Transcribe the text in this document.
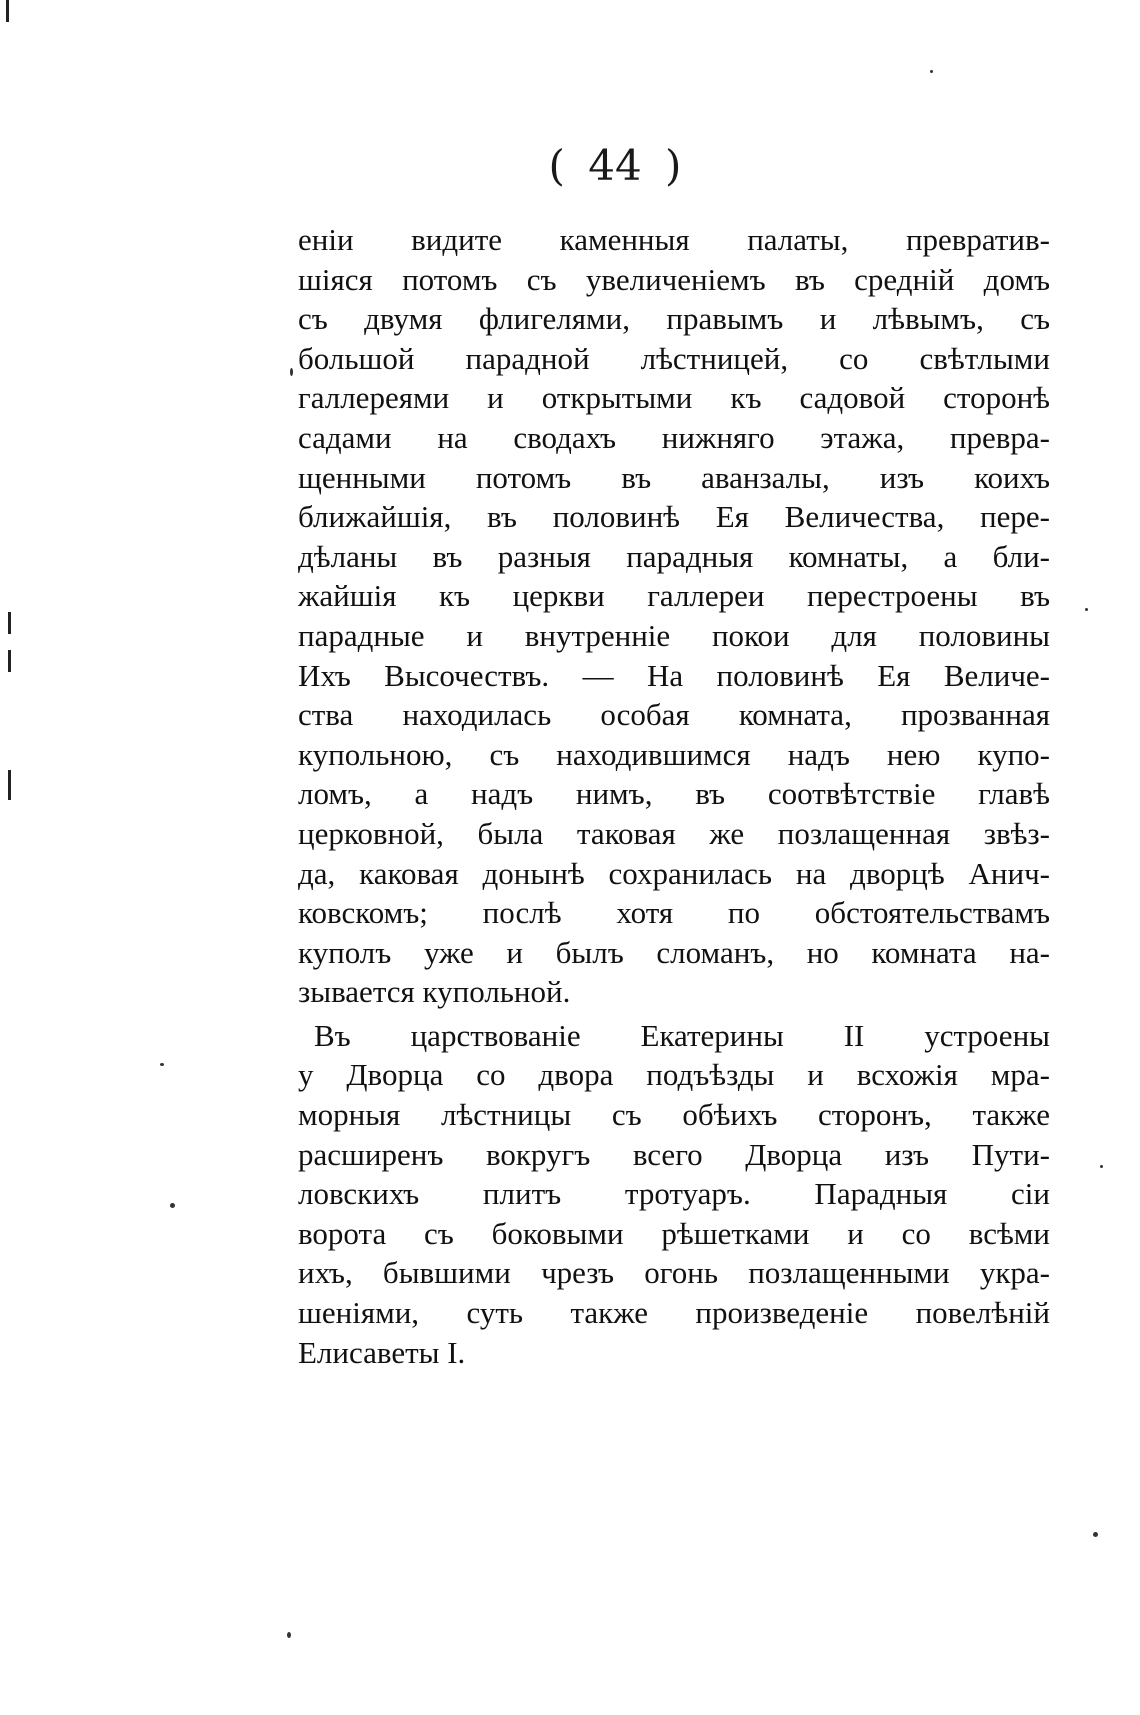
( 44 )
еніи видите каменныя палаты, превратив-
шіяся потомъ съ увеличеніемъ въ средній домъ
съ двумя флигелями, правымъ и лѣвымъ, съ
большой парадной лѣстницей, со свѣтлыми
галлереями и открытыми къ садовой сторонѣ
садами на сводахъ нижняго этажа, превра-
щенными потомъ въ аванзалы, изъ коихъ
ближайшія, въ половинѣ Ея Величества, пере-
дѣланы въ разныя парадныя комнаты, а бли-
жайшія къ церкви галлереи перестроены въ
парадные и внутренніе покои для половины
Ихъ Высочествъ. — На половинѣ Ея Величе-
ства находилась особая комната, прозванная
купольною, съ находившимся надъ нею купо-
ломъ, а надъ нимъ, въ соотвѣтствіе главѣ
церковной, была таковая же позлащенная звѣз-
да, каковая донынѣ сохранилась на дворцѣ Анич-
ковскомъ; послѣ хотя по обстоятельствамъ
куполъ уже и былъ сломанъ, но комната на-
зывается купольной.
Въ царствованіе Екатерины II устроены
у Дворца со двора подъѣзды и всхожія мра-
морныя лѣстницы съ обѣихъ сторонъ, также
расширенъ вокругъ всего Дворца изъ Пути-
ловскихъ плитъ тротуаръ. Парадныя сіи
ворота съ боковыми рѣшетками и со всѣми
ихъ, бывшими чрезъ огонь позлащенными укра-
шеніями, суть также произведеніе повелѣній
Елисаветы I.
